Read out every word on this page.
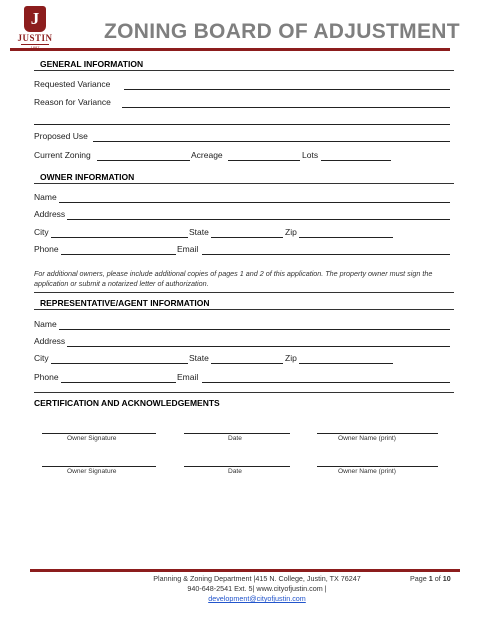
J
JUSTIN ZONING BOARD OF ADJUSTMENT
GENERAL INFORMATION
Requested Variance
Reason for Variance
Proposed Use
Current Zoning	Acreage	Lots
OWNER INFORMATION
Name
Address
City	State	Zip
Phone	Email
For additional owners, please include additional copies of pages 1 and 2 of this application. The property owner must sign the application or submit a notarized letter of authorization.
REPRESENTATIVE/AGENT INFORMATION
Name
Address
City	State	Zip
Phone	Email
CERTIFICATION AND ACKNOWLEDGEMENTS
Owner Signature	Date	Owner Name (print)
Owner Signature	Date	Owner Name (print)
Planning & Zoning Department |415 N. College, Justin, TX 76247
940-648-2541 Ext. 5| www.cityofjustin.com |
development@cityofjustin.com
Page 1 of 10
